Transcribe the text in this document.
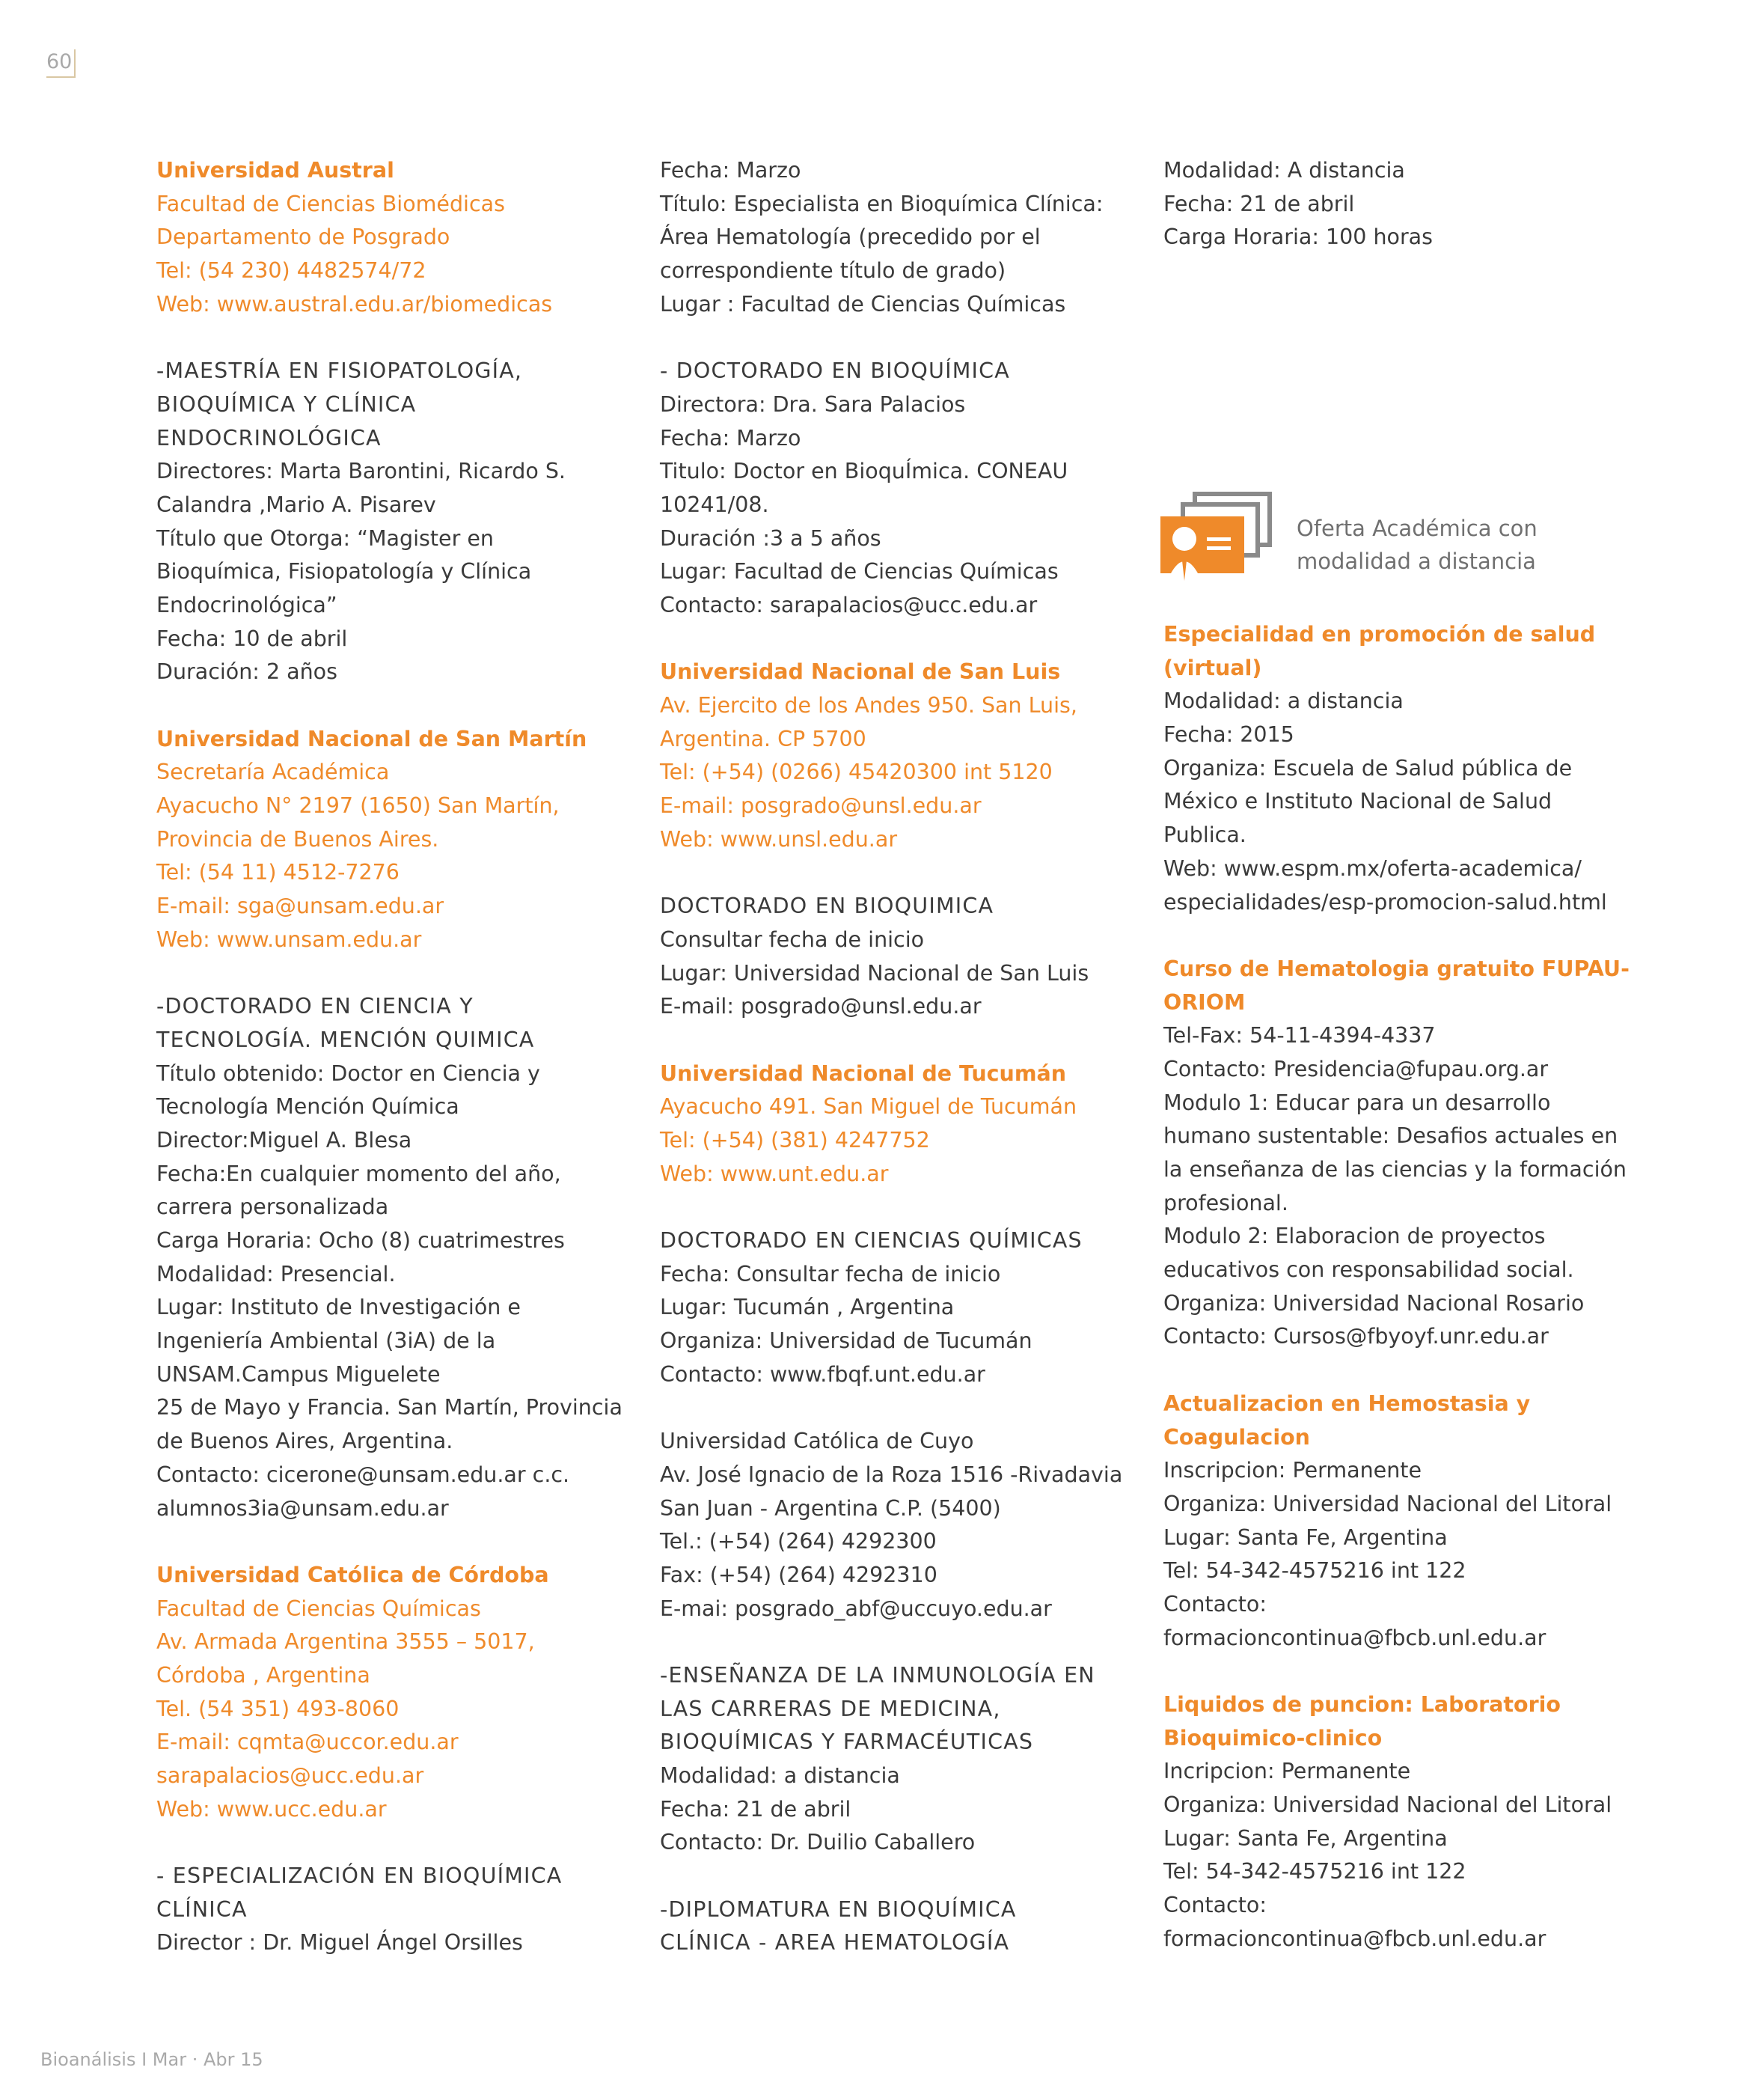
60
Universidad Austral
Facultad de Ciencias Biomédicas
Departamento de Posgrado
Tel: (54 230) 4482574/72
Web: www.austral.edu.ar/biomedicas
-MAESTRÍA EN FISIOPATOLOGÍA,
BIOQUÍMICA Y CLÍNICA
ENDOCRINOLÓGICA
Directores: Marta Barontini, Ricardo S.
Calandra ,Mario A. Pisarev
Título que Otorga: “Magister en
Bioquímica, Fisiopatología y Clínica
Endocrinológica”
Fecha: 10 de abril
Duración: 2 años
Universidad Nacional de San Martín
Secretaría Académica
Ayacucho N° 2197 (1650) San Martín,
Provincia de Buenos Aires.
Tel: (54 11) 4512-7276
E-mail: sga@unsam.edu.ar
Web: www.unsam.edu.ar
-DOCTORADO EN CIENCIA Y
TECNOLOGÍA. MENCIÓN QUIMICA
Título obtenido: Doctor en Ciencia y
Tecnología Mención Química
Director:Miguel A. Blesa
Fecha:En cualquier momento del año,
carrera personalizada
Carga Horaria: Ocho (8) cuatrimestres
Modalidad: Presencial.
Lugar: Instituto de Investigación e
Ingeniería Ambiental (3iA) de la
UNSAM.Campus Miguelete
25 de Mayo y Francia. San Martín, Provincia
de Buenos Aires, Argentina.
Contacto: cicerone@unsam.edu.ar c.c.
alumnos3ia@unsam.edu.ar
Universidad Católica de Córdoba
Facultad de Ciencias Químicas
Av. Armada Argentina 3555 – 5017,
Córdoba , Argentina
Tel. (54 351) 493-8060
E-mail: cqmta@uccor.edu.ar
sarapalacios@ucc.edu.ar
Web: www.ucc.edu.ar
- ESPECIALIZACIÓN EN BIOQUÍMICA
CLÍNICA
Director : Dr. Miguel Ángel Orsilles
Fecha: Marzo
Título: Especialista en Bioquímica Clínica:
Área Hematología (precedido por el
correspondiente título de grado)
Lugar : Facultad de Ciencias Químicas
- DOCTORADO EN BIOQUÍMICA
Directora: Dra. Sara Palacios
Fecha: Marzo
Titulo: Doctor en BioquÍmica. CONEAU
10241/08.
Duración :3 a 5 años
Lugar: Facultad de Ciencias Químicas
Contacto: sarapalacios@ucc.edu.ar
Universidad Nacional de San Luis
Av. Ejercito de los Andes 950. San Luis,
Argentina. CP 5700
Tel: (+54) (0266) 45420300 int 5120
E-mail: posgrado@unsl.edu.ar
Web: www.unsl.edu.ar
DOCTORADO EN BIOQUIMICA
Consultar fecha de inicio
Lugar: Universidad Nacional de San Luis
E-mail: posgrado@unsl.edu.ar
Universidad Nacional de Tucumán
Ayacucho 491. San Miguel de Tucumán
Tel: (+54) (381) 4247752
Web: www.unt.edu.ar
DOCTORADO EN CIENCIAS QUÍMICAS
Fecha: Consultar fecha de inicio
Lugar: Tucumán , Argentina
Organiza: Universidad de Tucumán
Contacto: www.fbqf.unt.edu.ar
Universidad Católica de Cuyo
Av. José Ignacio de la Roza 1516 -Rivadavia
San Juan - Argentina C.P. (5400)
Tel.: (+54) (264) 4292300
Fax: (+54) (264) 4292310
E-mai: posgrado_abf@uccuyo.edu.ar
-ENSEÑANZA DE LA INMUNOLOGÍA EN
LAS CARRERAS DE MEDICINA,
BIOQUÍMICAS Y FARMACÉUTICAS
Modalidad: a distancia
Fecha: 21 de abril
Contacto: Dr. Duilio Caballero
-DIPLOMATURA EN BIOQUÍMICA
CLÍNICA - AREA HEMATOLOGÍA
Modalidad: A distancia
Fecha: 21 de abril
Carga Horaria: 100 horas
Oferta Académica con
modalidad a distancia
Especialidad en promoción de salud
(virtual)
Modalidad: a distancia
Fecha: 2015
Organiza: Escuela de Salud pública de
México e Instituto Nacional de Salud
Publica.
Web: www.espm.mx/oferta-academica/
especialidades/esp-promocion-salud.html
Curso de Hematologia gratuito FUPAU-
ORIOM
Tel-Fax: 54-11-4394-4337
Contacto: Presidencia@fupau.org.ar
Modulo 1: Educar para un desarrollo
humano sustentable: Desafios actuales en
la enseñanza de las ciencias y la formación
profesional.
Modulo 2: Elaboracion de proyectos
educativos con responsabilidad social.
Organiza: Universidad Nacional Rosario
Contacto: Cursos@fbyoyf.unr.edu.ar
Actualizacion en Hemostasia y
Coagulacion
Inscripcion: Permanente
Organiza: Universidad Nacional del Litoral
Lugar: Santa Fe, Argentina
Tel: 54-342-4575216 int 122
Contacto:
formacioncontinua@fbcb.unl.edu.ar
Liquidos de puncion: Laboratorio
Bioquimico-clinico
Incripcion: Permanente
Organiza: Universidad Nacional del Litoral
Lugar: Santa Fe, Argentina
Tel: 54-342-4575216 int 122
Contacto:
formacioncontinua@fbcb.unl.edu.ar
Bioanálisis I Mar · Abr 15
